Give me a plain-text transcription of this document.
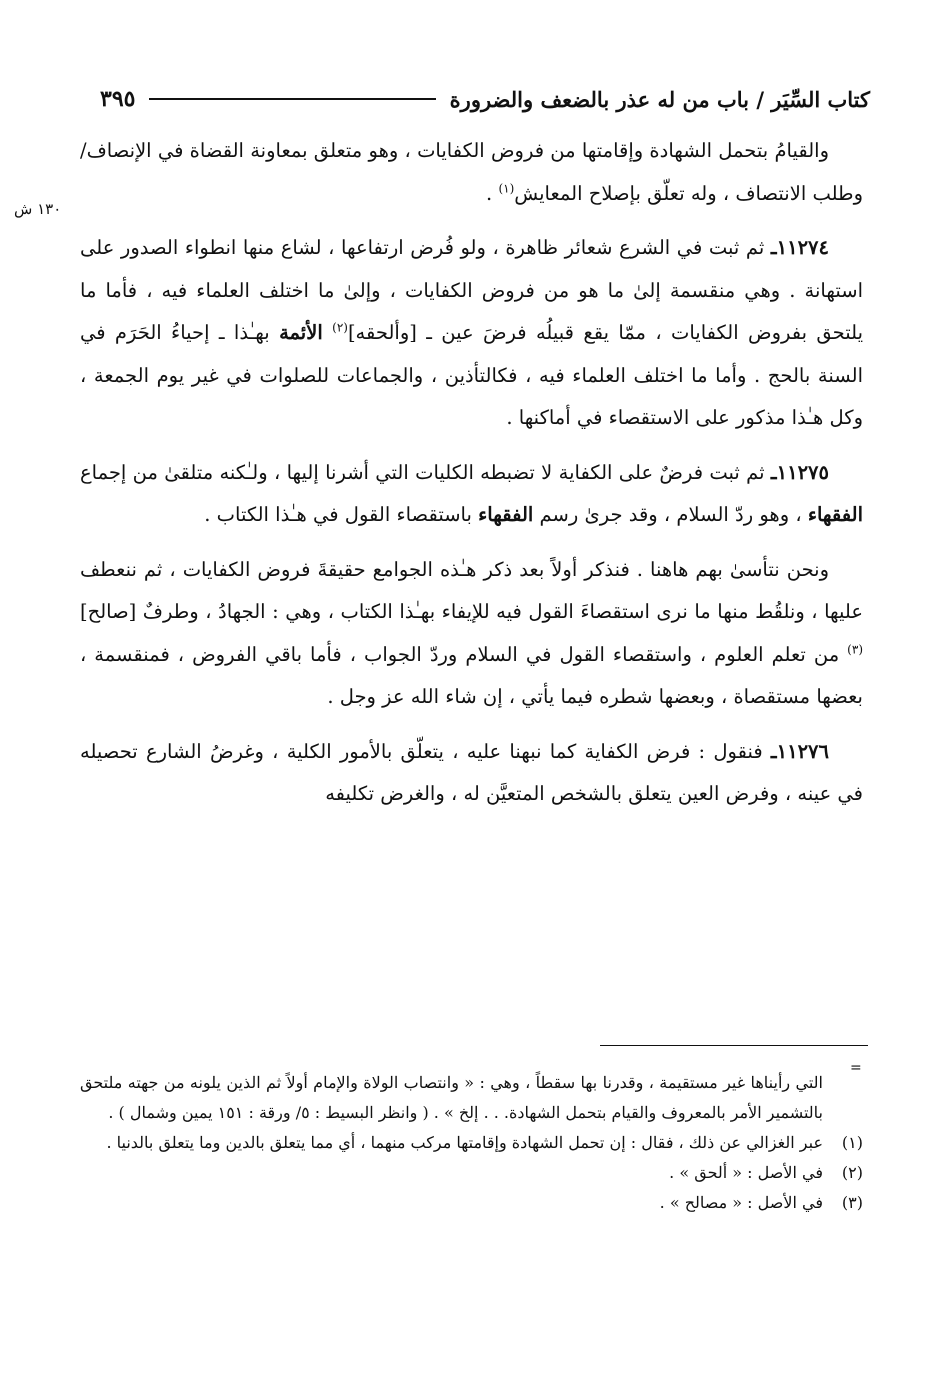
كتاب السِّيَر / باب من له عذر بالضعف والضرورة
٣٩٥
١٣٠ ش

والقيامُ بتحمل الشهادة وإقامتها من فروض الكفايات ، وهو متعلق بمعاونة القضاة في الإنصاف/ وطلب الانتصاف ، وله تعلّق بإصلاح المعايش$^{(١)}$ .

١١٢٧٤ـ ثم ثبت في الشرع شعائر ظاهرة ، ولو فُرض ارتفاعها ، لشاع منها انطواء الصدور على استهانة . وهي منقسمة إلىٰ ما هو من فروض الكفايات ، وإلىٰ ما اختلف العلماء فيه ، فأما ما يلتحق بفروض الكفايات ، ممّا يقع قبيلُه فرضَ عين ـ [وألحقه]$^{(٢)}$ الأئمة بهـٰذا ـ إحياءُ الحَرَم في السنة بالحج . وأما ما اختلف العلماء فيه ، فكالتأذين ، والجماعات للصلوات في غير يوم الجمعة ، وكل هـٰذا مذكور على الاستقصاء في أماكنها .

١١٢٧٥ـ ثم ثبت فرضٌ على الكفاية لا تضبطه الكليات التي أشرنا إليها ، ولـٰكنه متلقىٰ من إجماع الفقهاء ، وهو ردّ السلام ، وقد جرىٰ رسم الفقهاء باستقصاء القول في هـٰذا الكتاب .

ونحن نتأسىٰ بهم هاهنا . فنذكر أولاً بعد ذكر هـٰذه الجوامع حقيقةَ فروض الكفايات ، ثم ننعطف عليها ، ونلقُط منها ما نرى استقصاءَ القول فيه للإيفاء بهـٰذا الكتاب ، وهي : الجهادُ ، وطرفٌ [صالح]$^{(٣)}$ من تعلم العلوم ، واستقصاء القول في السلام وردّ الجواب ، فأما باقي الفروض ، فمنقسمة ، بعضها مستقصاة ، وبعضها شطره فيما يأتي ، إن شاء الله عز وجل .

١١٢٧٦ـ فنقول : فرض الكفاية كما نبهنا عليه ، يتعلّق بالأمور الكلية ، وغرضُ الشارع تحصيله في عينه ، وفرض العين يتعلق بالشخص المتعيَّن له ، والغرض تكليفه

=
التي رأيناها غير مستقيمة ، وقدرنا بها سقطاً ، وهي : « وانتصاب الولاة والإمام أولاً ثم الذين يلونه من جهته ملتحق بالتشمير الأمر بالمعروف والقيام بتحمل الشهادة. . . إلخ » . ( وانظر البسيط : ٥/ ورقة : ١٥١ يمين وشمال ) .
(١)
عبر الغزالي عن ذلك ، فقال : إن تحمل الشهادة وإقامتها مركب منهما ، أي مما يتعلق بالدين وما يتعلق بالدنيا .
(٢)
في الأصل : « ألحق » .
(٣)
في الأصل : « مصالح » .
